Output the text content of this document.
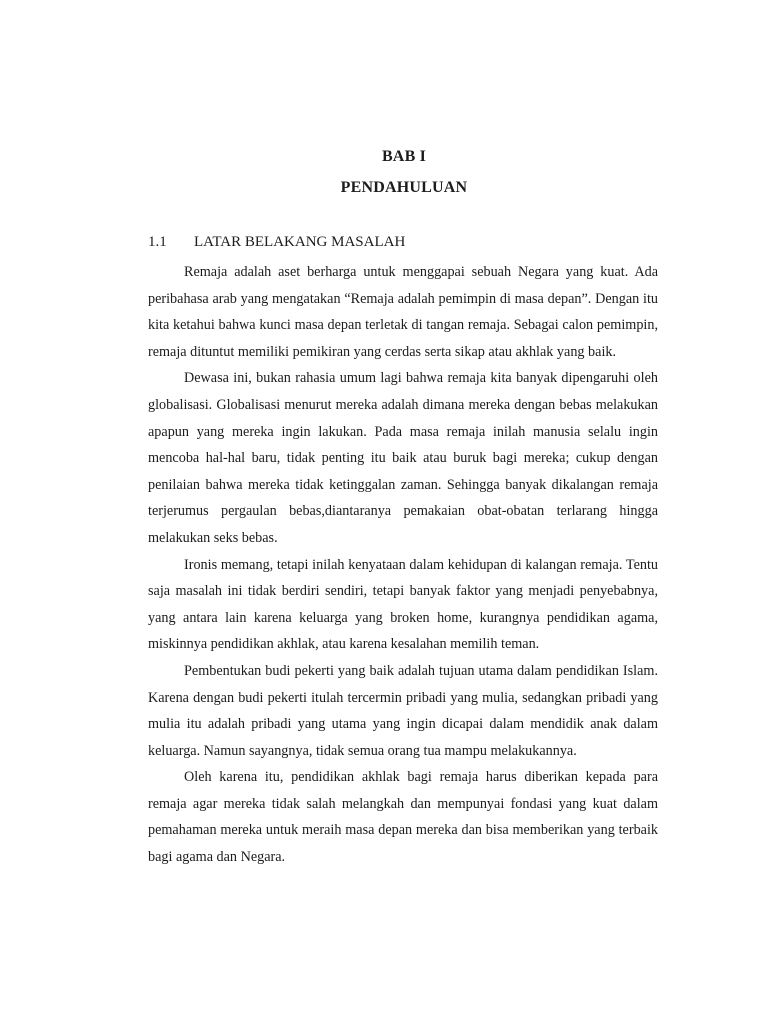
BAB I
PENDAHULUAN
1.1	LATAR BELAKANG MASALAH

Remaja adalah aset berharga untuk menggapai sebuah Negara yang kuat. Ada peribahasa arab yang mengatakan “Remaja adalah pemimpin di masa depan”. Dengan itu kita ketahui bahwa kunci masa depan terletak di tangan remaja. Sebagai calon pemimpin, remaja dituntut memiliki pemikiran yang cerdas serta sikap atau akhlak yang baik.

Dewasa ini, bukan rahasia umum lagi bahwa remaja kita banyak dipengaruhi oleh globalisasi. Globalisasi menurut mereka adalah dimana mereka dengan bebas melakukan apapun yang mereka ingin lakukan. Pada masa remaja inilah manusia selalu ingin mencoba hal-hal baru, tidak penting itu baik atau buruk bagi mereka; cukup dengan penilaian bahwa mereka tidak ketinggalan zaman. Sehingga banyak dikalangan remaja terjerumus pergaulan bebas,diantaranya pemakaian obat-obatan terlarang hingga melakukan seks bebas.

Ironis memang, tetapi inilah kenyataan dalam kehidupan di kalangan remaja. Tentu saja masalah ini tidak berdiri sendiri, tetapi banyak faktor yang menjadi penyebabnya, yang antara lain karena keluarga yang broken home, kurangnya pendidikan agama, miskinnya pendidikan akhlak, atau karena kesalahan memilih teman.

Pembentukan budi pekerti yang baik adalah tujuan utama dalam pendidikan Islam. Karena dengan budi pekerti itulah tercermin pribadi yang mulia, sedangkan pribadi yang mulia itu adalah pribadi yang utama yang ingin dicapai dalam mendidik anak dalam keluarga. Namun sayangnya, tidak semua orang tua mampu melakukannya.

Oleh karena itu, pendidikan akhlak bagi remaja harus diberikan kepada para remaja agar mereka tidak salah melangkah dan mempunyai fondasi yang kuat dalam pemahaman mereka untuk meraih masa depan mereka dan bisa memberikan yang terbaik bagi agama dan Negara.
